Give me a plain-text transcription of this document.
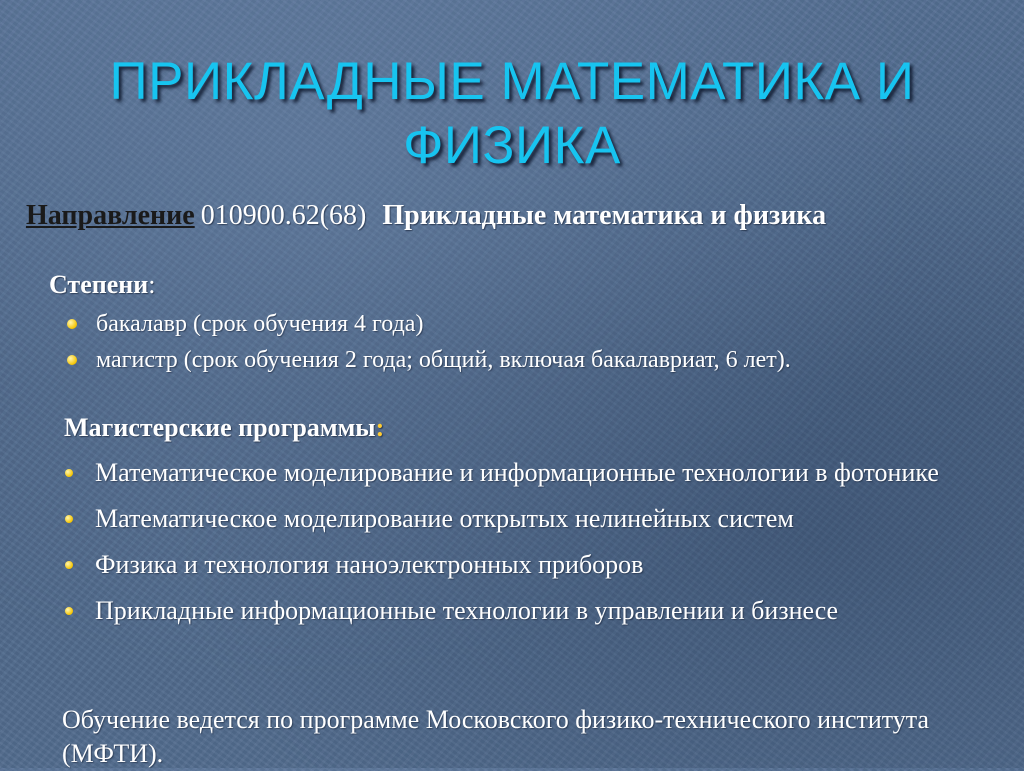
ПРИКЛАДНЫЕ МАТЕМАТИКА И
ФИЗИКА
Направление 010900.62(68) Прикладные математика и физика
Степени:
бакалавр (срок обучения 4 года)
магистр (срок обучения 2 года; общий, включая бакалавриат, 6 лет).
Магистерские программы:
Математическое моделирование и информационные технологии в фотонике
Математическое моделирование открытых нелинейных систем
Физика и технология наноэлектронных приборов
Прикладные информационные технологии в управлении и бизнесе
Обучение ведется по программе Московского физико-технического института (МФТИ).
